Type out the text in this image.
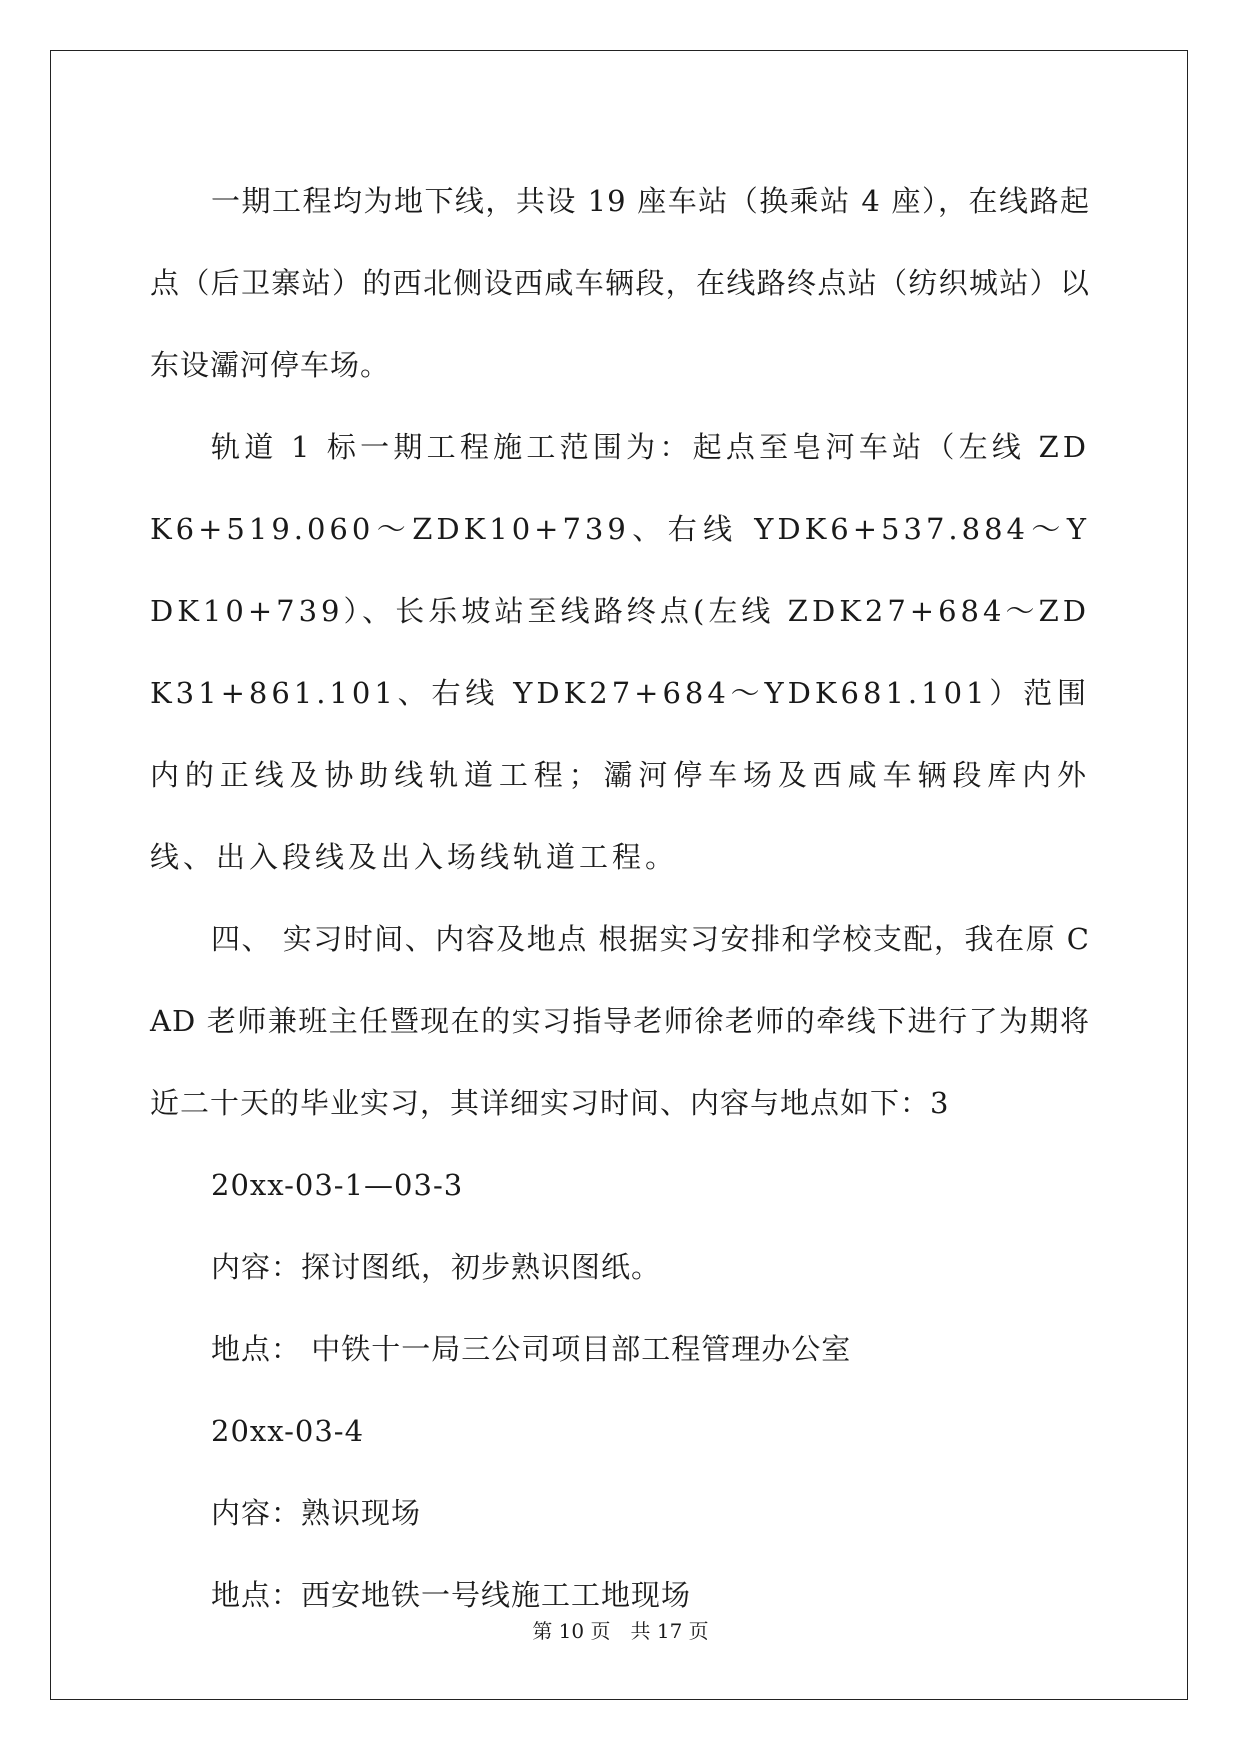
一期工程均为地下线，共设 19 座车站（换乘站 4 座），在线路起点（后卫寨站）的西北侧设西咸车辆段，在线路终点站（纺织城站）以东设灞河停车场。

轨道 1 标一期工程施工范围为：起点至皂河车站（左线 ZDK6+519.060～ZDK10+739、右线 YDK6+537.884～YDK10+739）、长乐坡站至线路终点(左线 ZDK27+684～ZDK31+861.101、右线 YDK27+684～YDK681.101）范围内的正线及协助线轨道工程；灞河停车场及西咸车辆段库内外线、出入段线及出入场线轨道工程。

四、 实习时间、内容及地点 根据实习安排和学校支配，我在原 CAD 老师兼班主任暨现在的实习指导老师徐老师的牵线下进行了为期将近二十天的毕业实习，其详细实习时间、内容与地点如下：3

20xx-03-1—03-3

内容：探讨图纸，初步熟识图纸。

地点： 中铁十一局三公司项目部工程管理办公室

20xx-03-4

内容：熟识现场

地点：西安地铁一号线施工工地现场

第 10 页　共 17 页
